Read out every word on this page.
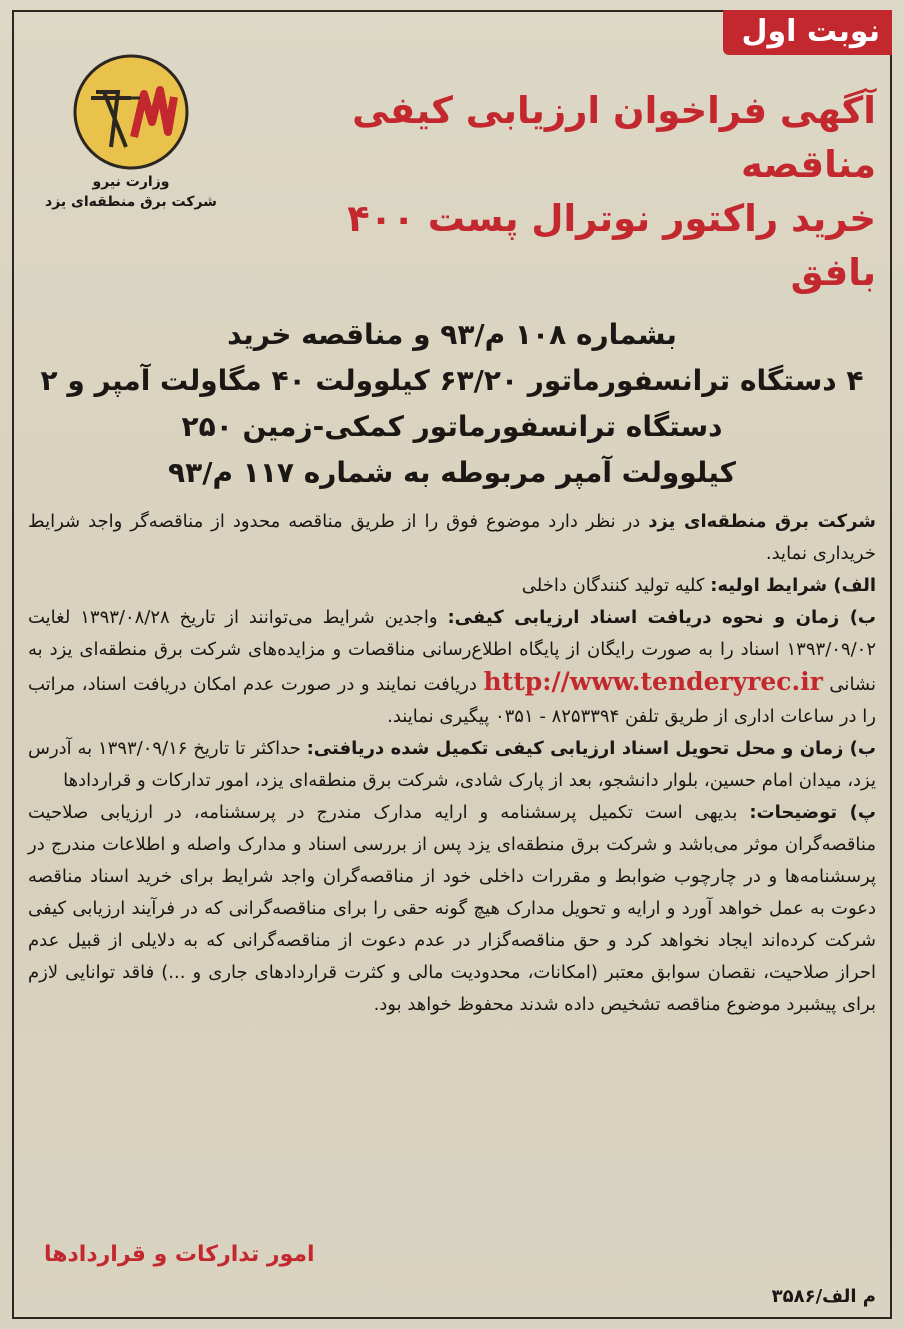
نوبت اول
وزارت نیرو
شرکت برق منطقه‌ای یزد
آگهی فراخوان ارزیابی کیفی مناقصه
خرید راکتور نوترال پست ۴۰۰ بافق
بشماره ۱۰۸ م/۹۳ و مناقصه خرید
۴ دستگاه ترانسفورماتور ۶۳/۲۰ کیلوولت ۴۰ مگاولت آمپر و ۲
دستگاه ترانسفورماتور کمکی-زمین ۲۵۰
کیلوولت آمپر مربوطه به شماره ۱۱۷ م/۹۳

شرکت برق منطقه‌ای یزد در نظر دارد موضوع فوق را از طریق مناقصه محدود از مناقصه‌گر واجد شرایط خریداری نماید.

الف) شرایط اولیه: کلیه تولید کنندگان داخلی

ب) زمان و نحوه دریافت اسناد ارزیابی کیفی: واجدین شرایط می‌توانند از تاریخ ۱۳۹۳/۰۸/۲۸ لغایت ۱۳۹۳/۰۹/۰۲ اسناد را به صورت رایگان از پایگاه اطلاع‌رسانی مناقصات و مزایده‌های شرکت برق منطقه‌ای یزد به نشانی http://www.tenderyrec.ir دریافت نمایند و در صورت عدم امکان دریافت اسناد، مراتب را در ساعات اداری از طریق تلفن ۸۲۵۳۳۹۴ - ۰۳۵۱ پیگیری نمایند.

ب) زمان و محل تحویل اسناد ارزیابی کیفی تکمیل شده دریافتی: حداکثر تا تاریخ ۱۳۹۳/۰۹/۱۶ به آدرس یزد، میدان امام حسین، بلوار دانشجو، بعد از پارک شادی، شرکت برق منطقه‌ای یزد، امور تدارکات و قراردادها

پ) توضیحات: بدیهی است تکمیل پرسشنامه و ارایه مدارک مندرج در پرسشنامه، در ارزیابی صلاحیت مناقصه‌گران موثر می‌باشد و شرکت برق منطقه‌ای یزد پس از بررسی اسناد و مدارک واصله و اطلاعات مندرج در پرسشنامه‌ها و در چارچوب ضوابط و مقررات داخلی خود از مناقصه‌گران واجد شرایط برای خرید اسناد مناقصه دعوت به عمل خواهد آورد و ارایه و تحویل مدارک هیچ گونه حقی را برای مناقصه‌گرانی که در فرآیند ارزیابی کیفی شرکت کرده‌اند ایجاد نخواهد کرد و حق مناقصه‌گزار در عدم دعوت از مناقصه‌گرانی که به دلایلی از قبیل عدم احراز صلاحیت، نقصان سوابق معتبر (امکانات، محدودیت مالی و کثرت قراردادهای جاری و ...) فاقد توانایی لازم برای پیشبرد موضوع مناقصه تشخیص داده شدند محفوظ خواهد بود.

امور تدارکات و قراردادها
م الف/۳۵۸۶
